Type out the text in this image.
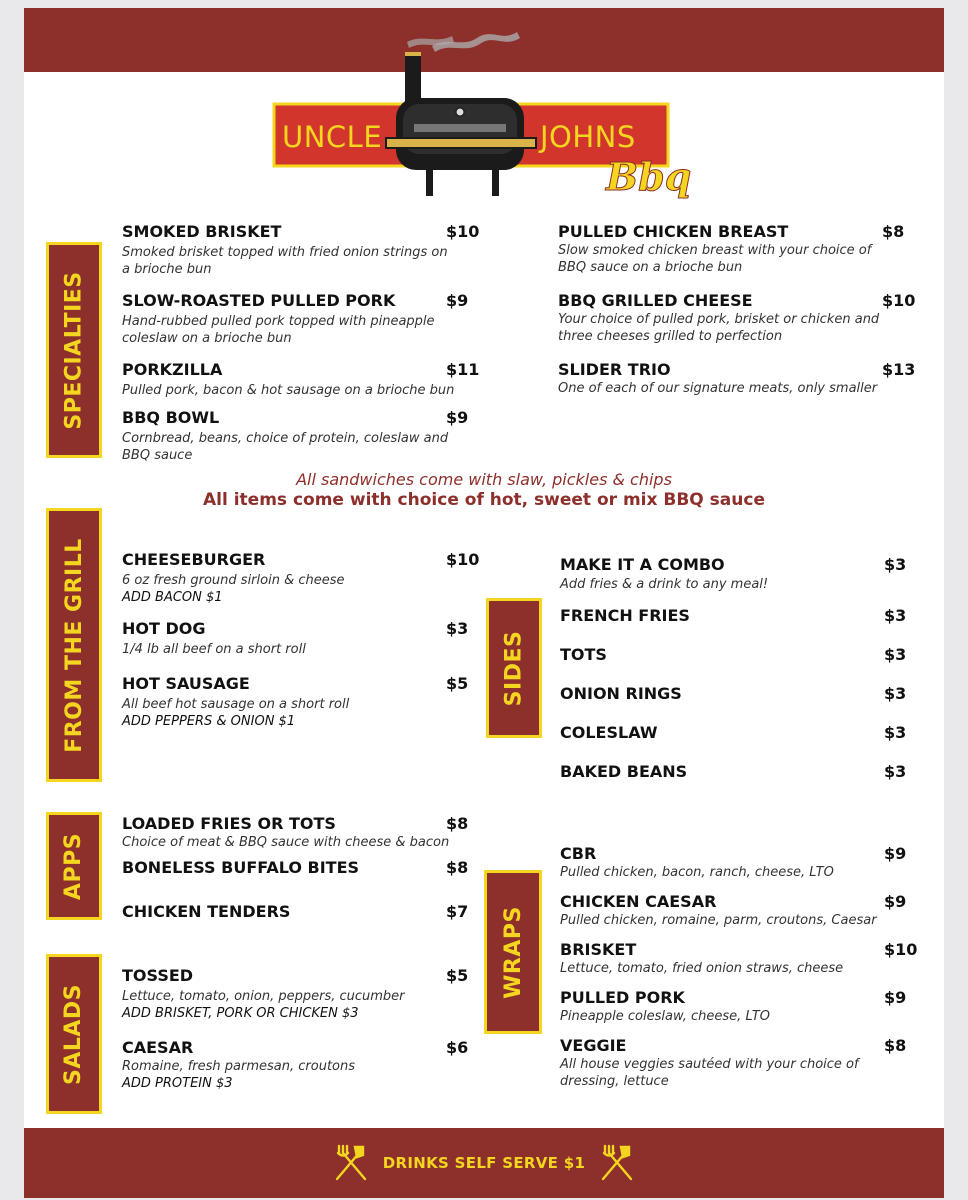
UNCLE	JOHNS
Bbq
SPECIALTIES
FROM THE GRILL
APPS
SALADS
SIDES
WRAPS
SMOKED BRISKET	$10
Smoked brisket topped with fried onion strings on a brioche bun
SLOW-ROASTED PULLED PORK	$9
Hand-rubbed pulled pork topped with pineapple coleslaw on a brioche bun
PORKZILLA	$11
Pulled pork, bacon & hot sausage on a brioche bun
BBQ BOWL	$9
Cornbread, beans, choice of protein, coleslaw and BBQ sauce
PULLED CHICKEN BREAST	$8
Slow smoked chicken breast with your choice of BBQ sauce on a brioche bun
BBQ GRILLED CHEESE	$10
Your choice of pulled pork, brisket or chicken and three cheeses grilled to perfection
SLIDER TRIO	$13
One of each of our signature meats, only smaller
All sandwiches come with slaw, pickles & chips
All items come with choice of hot, sweet or mix BBQ sauce
CHEESEBURGER	$10
6 oz fresh ground sirloin & cheese
ADD BACON $1
HOT DOG	$3
1/4 lb all beef on a short roll
HOT SAUSAGE	$5
All beef hot sausage on a short roll
ADD PEPPERS & ONION $1
MAKE IT A COMBO	$3
Add fries & a drink to any meal!
FRENCH FRIES	$3
TOTS	$3
ONION RINGS	$3
COLESLAW	$3
BAKED BEANS	$3
LOADED FRIES OR TOTS	$8
Choice of meat & BBQ sauce with cheese & bacon
BONELESS BUFFALO BITES	$8
CHICKEN TENDERS	$7
TOSSED	$5
Lettuce, tomato, onion, peppers, cucumber
ADD BRISKET, PORK OR CHICKEN $3
CAESAR	$6
Romaine, fresh parmesan, croutons
ADD PROTEIN $3
CBR	$9
Pulled chicken, bacon, ranch, cheese, LTO
CHICKEN CAESAR	$9
Pulled chicken, romaine, parm, croutons, Caesar
BRISKET	$10
Lettuce, tomato, fried onion straws, cheese
PULLED PORK	$9
Pineapple coleslaw, cheese, LTO
VEGGIE	$8
All house veggies sautéed with your choice of dressing, lettuce
DRINKS SELF SERVE $1
